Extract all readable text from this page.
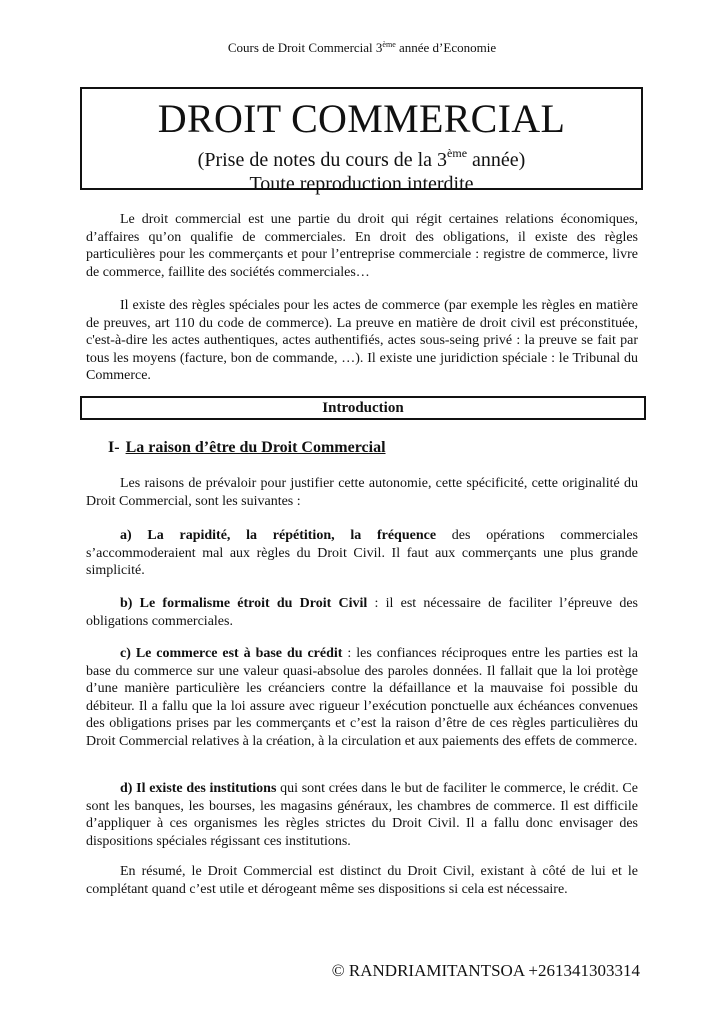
Cours de Droit Commercial 3ème année d’Economie
DROIT COMMERCIAL
(Prise de notes du cours de la 3ème année)
Toute reproduction interdite

Le droit commercial est une partie du droit qui régit certaines relations économiques, d’affaires qu’on qualifie de commerciales. En droit des obligations, il existe des règles particulières pour les commerçants et pour l’entreprise commerciale : registre de commerce, livre de commerce, faillite des sociétés commerciales…

Il existe des règles spéciales pour les actes de commerce (par exemple les règles en matière de preuves, art 110 du code de commerce). La preuve en matière de droit civil est préconstituée, c'est-à-dire les actes authentiques, actes authentifiés, actes sous-seing privé : la preuve se fait par tous les moyens (facture, bon de commande, …). Il existe une juridiction spéciale : le Tribunal du Commerce.

Introduction
I- La raison d’être du Droit Commercial

Les raisons de prévaloir pour justifier cette autonomie, cette spécificité, cette originalité du Droit Commercial, sont les suivantes :

a) La rapidité, la répétition, la fréquence des opérations commerciales s’accommoderaient mal aux règles du Droit Civil. Il faut aux commerçants une plus grande simplicité.

b) Le formalisme étroit du Droit Civil : il est nécessaire de faciliter l’épreuve des obligations commerciales.

c) Le commerce est à base du crédit : les confiances réciproques entre les parties est la base du commerce sur une valeur quasi-absolue des paroles données. Il fallait que la loi protège d’une manière particulière les créanciers contre la défaillance et la mauvaise foi possible du débiteur. Il a fallu que la loi assure avec rigueur l’exécution ponctuelle aux échéances convenues des obligations prises par les commerçants et c’est la raison d’être de ces règles particulières du Droit Commercial relatives à la création, à la circulation et aux paiements des effets de commerce.

d) Il existe des institutions qui sont crées dans le but de faciliter le commerce, le crédit. Ce sont les banques, les bourses, les magasins généraux, les chambres de commerce. Il est difficile d’appliquer à ces organismes les règles strictes du Droit Civil. Il a fallu donc envisager des dispositions spéciales régissant ces institutions.

En résumé, le Droit Commercial est distinct du Droit Civil, existant à côté de lui et le complétant quand c’est utile et dérogeant même ses dispositions si cela est nécessaire.

© RANDRIAMITANTSOA +261341303314
